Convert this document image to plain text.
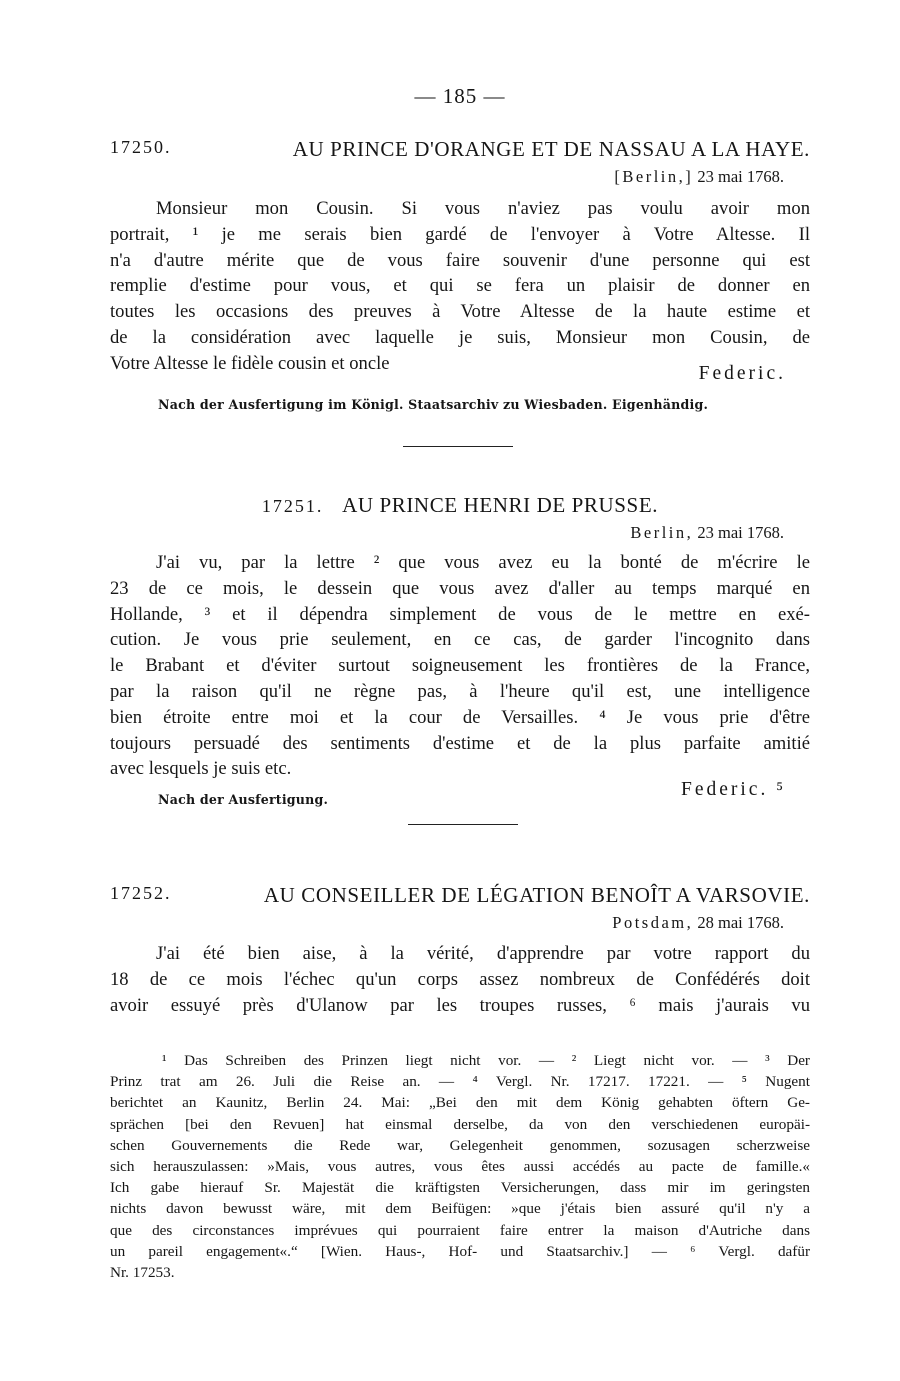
— 185 —
17250.	AU PRINCE D'ORANGE ET DE NASSAU A LA HAYE.
[Berlin,] 23 mai 1768.
Monsieur mon Cousin. Si vous n'aviez pas voulu avoir mon
portrait, ¹ je me serais bien gardé de l'envoyer à Votre Altesse. Il
n'a d'autre mérite que de vous faire souvenir d'une personne qui est
remplie d'estime pour vous, et qui se fera un plaisir de donner en
toutes les occasions des preuves à Votre Altesse de la haute estime et
de la considération avec laquelle je suis, Monsieur mon Cousin, de
Votre Altesse le fidèle cousin et oncle	Federic.
Nach der Ausfertigung im Königl. Staatsarchiv zu Wiesbaden. Eigenhändig.
17251. AU PRINCE HENRI DE PRUSSE.
Berlin, 23 mai 1768.
J'ai vu, par la lettre ² que vous avez eu la bonté de m'écrire le
23 de ce mois, le dessein que vous avez d'aller au temps marqué en
Hollande, ³ et il dépendra simplement de vous de le mettre en exé-
cution. Je vous prie seulement, en ce cas, de garder l'incognito dans
le Brabant et d'éviter surtout soigneusement les frontières de la France,
par la raison qu'il ne règne pas, à l'heure qu'il est, une intelligence
bien étroite entre moi et la cour de Versailles. ⁴ Je vous prie d'être
toujours persuadé des sentiments d'estime et de la plus parfaite amitié
avec lesquels je suis etc.
Federic. ⁵
Nach der Ausfertigung.
17252.	AU CONSEILLER DE LÉGATION BENOÎT A VARSOVIE.
Potsdam, 28 mai 1768.
J'ai été bien aise, à la vérité, d'apprendre par votre rapport du
18 de ce mois l'échec qu'un corps assez nombreux de Confédérés doit
avoir essuyé près d'Ulanow par les troupes russes, ⁶ mais j'aurais vu
¹ Das Schreiben des Prinzen liegt nicht vor. — ² Liegt nicht vor. — ³ Der
Prinz trat am 26. Juli die Reise an. — ⁴ Vergl. Nr. 17217. 17221. — ⁵ Nugent
berichtet an Kaunitz, Berlin 24. Mai: „Bei den mit dem König gehabten öftern Ge-
sprächen [bei den Revuen] hat einsmal derselbe, da von den verschiedenen europäi-
schen Gouvernements die Rede war, Gelegenheit genommen, sozusagen scherzweise
sich herauszulassen: »Mais, vous autres, vous êtes aussi accédés au pacte de famille.«
Ich gabe hierauf Sr. Majestät die kräftigsten Versicherungen, dass mir im geringsten
nichts davon bewusst wäre, mit dem Beifügen: »que j'étais bien assuré qu'il n'y a
que des circonstances imprévues qui pourraient faire entrer la maison d'Autriche dans
un pareil engagement«.“ [Wien. Haus-, Hof- und Staatsarchiv.] — ⁶ Vergl. dafür
Nr. 17253.
